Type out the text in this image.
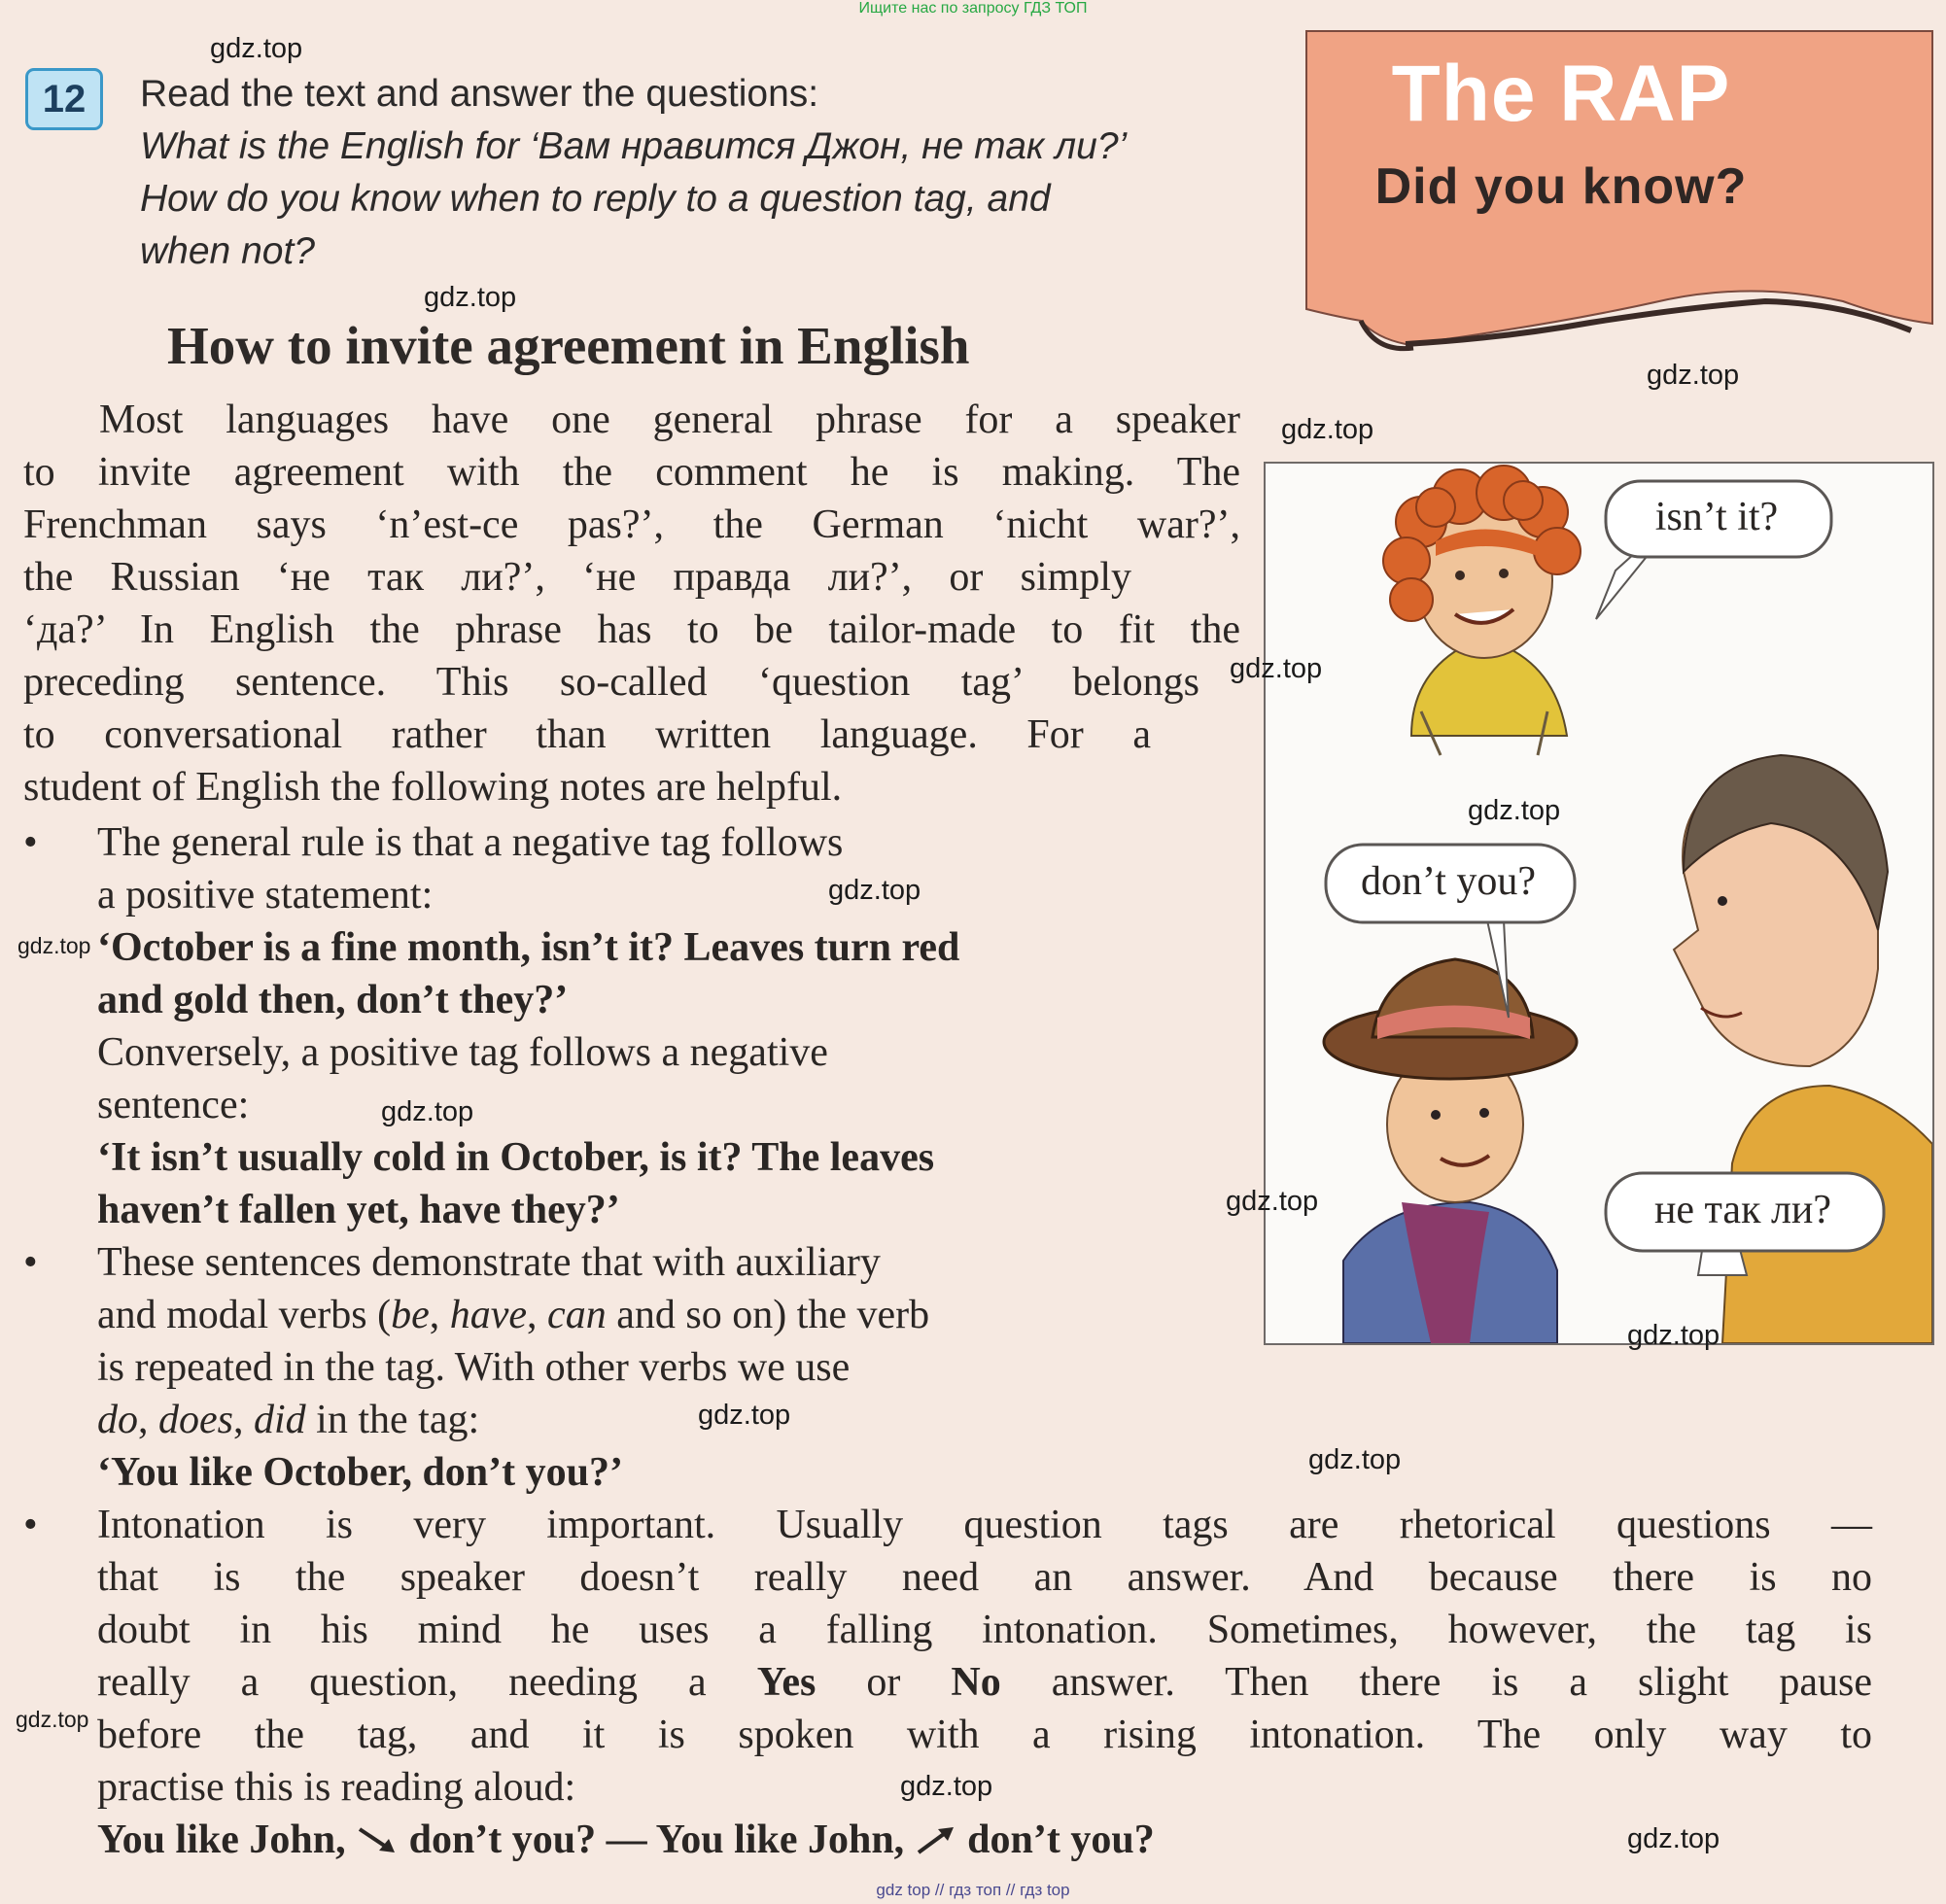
Ищите нас по запросу ГДЗ ТОП
gdz top // гдз топ // гдз top
12	Read the text and answer the questions:
What is the English for ‘Вам нравится Джон, не так ли?’
How do you know when to reply to a question tag, and
when not?
The RAP
Did you know?
How to invite agreement in English
Most languages have one general phrase for a speaker
to invite agreement with the comment he is making. The
Frenchman says ‘n’est-ce pas?’, the German ‘nicht war?’,
the Russian ‘не так ли?’, ‘не правда ли?’, or simply
‘да?’ In English the phrase has to be tailor-made to fit the
preceding sentence. This so-called ‘question tag’ belongs
to conversational rather than written language. For a
student of English the following notes are helpful.
• The general rule is that a negative tag follows
a positive statement:
‘October is a fine month, isn’t it? Leaves turn red
and gold then, don’t they?’
Conversely, a positive tag follows a negative
sentence:
‘It isn’t usually cold in October, is it? The leaves
haven’t fallen yet, have they?’
• These sentences demonstrate that with auxiliary
and modal verbs (be, have, can and so on) the verb
is repeated in the tag. With other verbs we use
do, does, did in the tag:
‘You like October, don’t you?’
• Intonation is very important. Usually question tags are rhetorical questions —
that is the speaker doesn’t really need an answer. And because there is no
doubt in his mind he uses a falling intonation. Sometimes, however, the tag is
really a question, needing a Yes or No answer. Then there is a slight pause
before the tag, and it is spoken with a rising intonation. The only way to
practise this is reading aloud:
You like John, don’t you? — You like John, don’t you?
isn’t it?
don’t you?
не так ли?
gdz.top
gdz.top
gdz.top
gdz.top
gdz.top
gdz.top
gdz.top
gdz.top
gdz.top
gdz.top
gdz.top
gdz.top
gdz.top
gdz.top
gdz.top
gdz.top
